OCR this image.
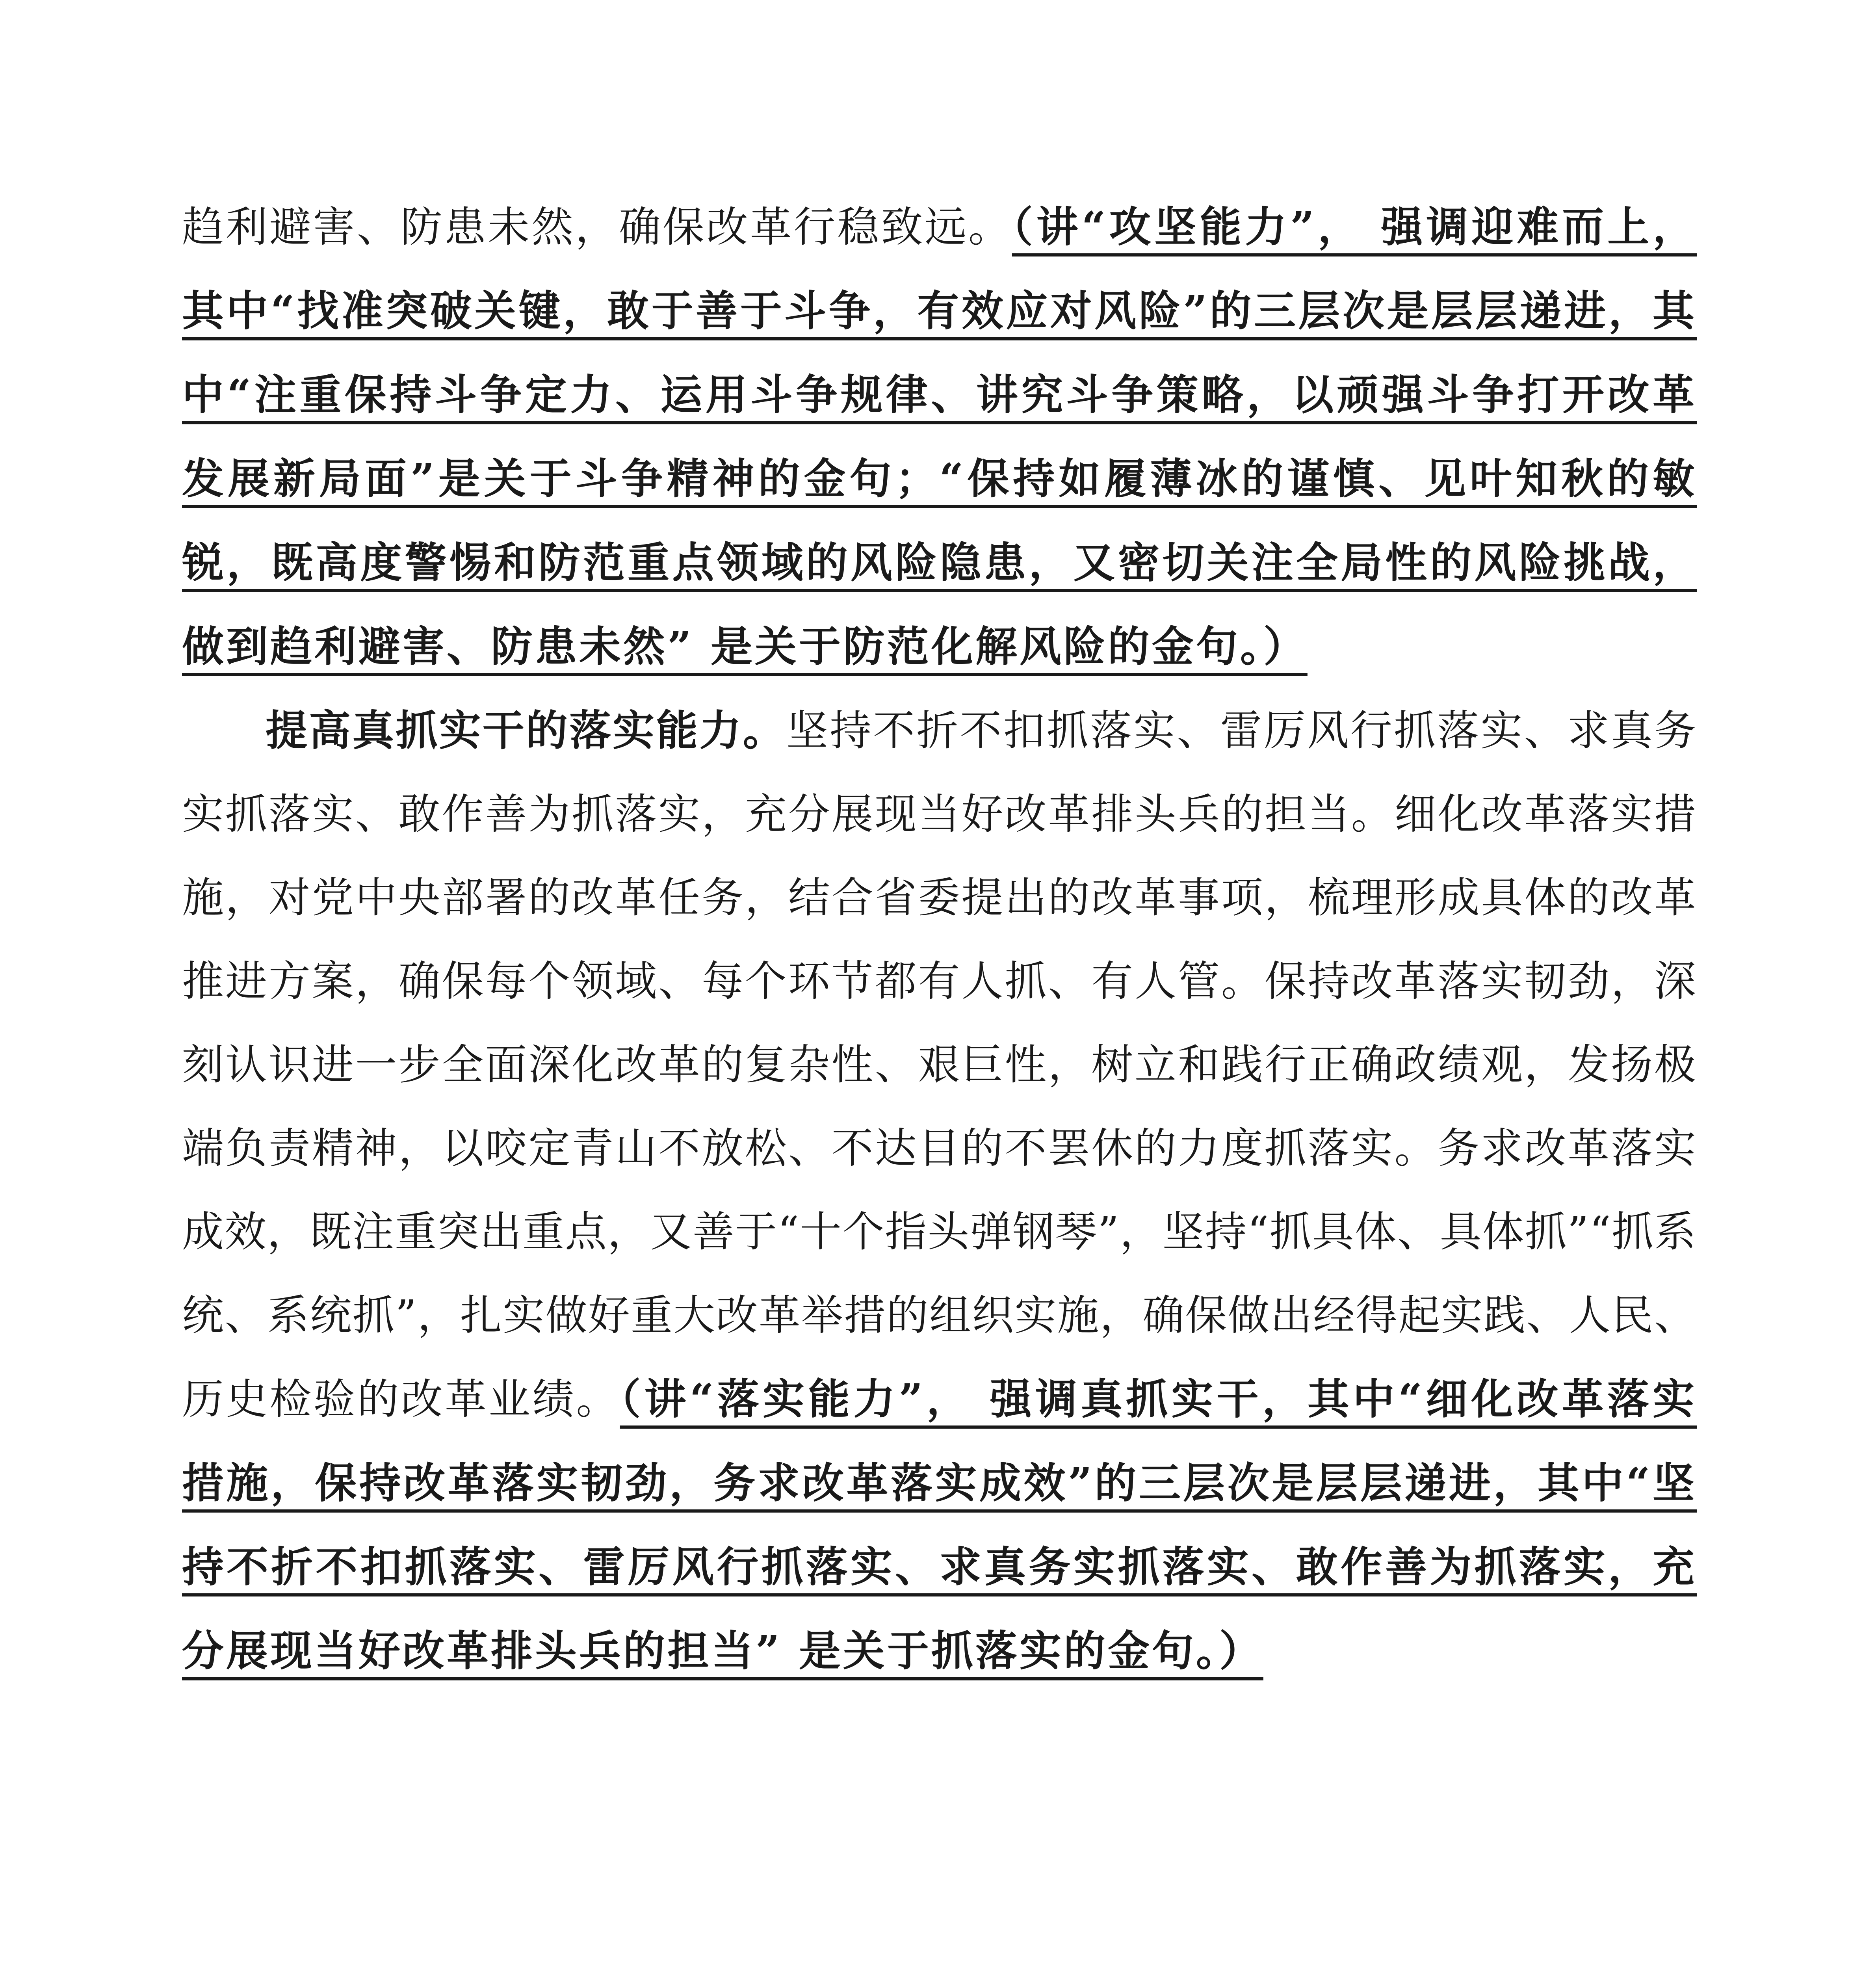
趋利避害、防患未然，确保改革行稳致远。（讲“攻坚能力”， 强调迎难而上，其中“找准突破关键，敢于善于斗争，有效应对风险”的三层次是层层递进，其中“注重保持斗争定力、运用斗争规律、讲究斗争策略，以顽强斗争打开改革发展新局面”是关于斗争精神的金句；“保持如履薄冰的谨慎、见叶知秋的敏锐，既高度警惕和防范重点领域的风险隐患，又密切关注全局性的风险挑战，做到趋利避害、防患未然” 是关于防范化解风险的金句。）

提高真抓实干的落实能力。坚持不折不扣抓落实、雷厉风行抓落实、求真务实抓落实、敢作善为抓落实，充分展现当好改革排头兵的担当。细化改革落实措施，对党中央部署的改革任务，结合省委提出的改革事项，梳理形成具体的改革推进方案，确保每个领域、每个环节都有人抓、有人管。保持改革落实韧劲，深刻认识进一步全面深化改革的复杂性、艰巨性，树立和践行正确政绩观，发扬极端负责精神，以咬定青山不放松、不达目的不罢休的力度抓落实。务求改革落实成效，既注重突出重点，又善于“十个指头弹钢琴”，坚持“抓具体、具体抓”“抓系统、系统抓”，扎实做好重大改革举措的组织实施，确保做出经得起实践、人民、历史检验的改革业绩。（讲“落实能力”， 强调真抓实干，其中“细化改革落实措施，保持改革落实韧劲，务求改革落实成效”的三层次是层层递进，其中“坚持不折不扣抓落实、雷厉风行抓落实、求真务实抓落实、敢作善为抓落实，充分展现当好改革排头兵的担当” 是关于抓落实的金句。）
